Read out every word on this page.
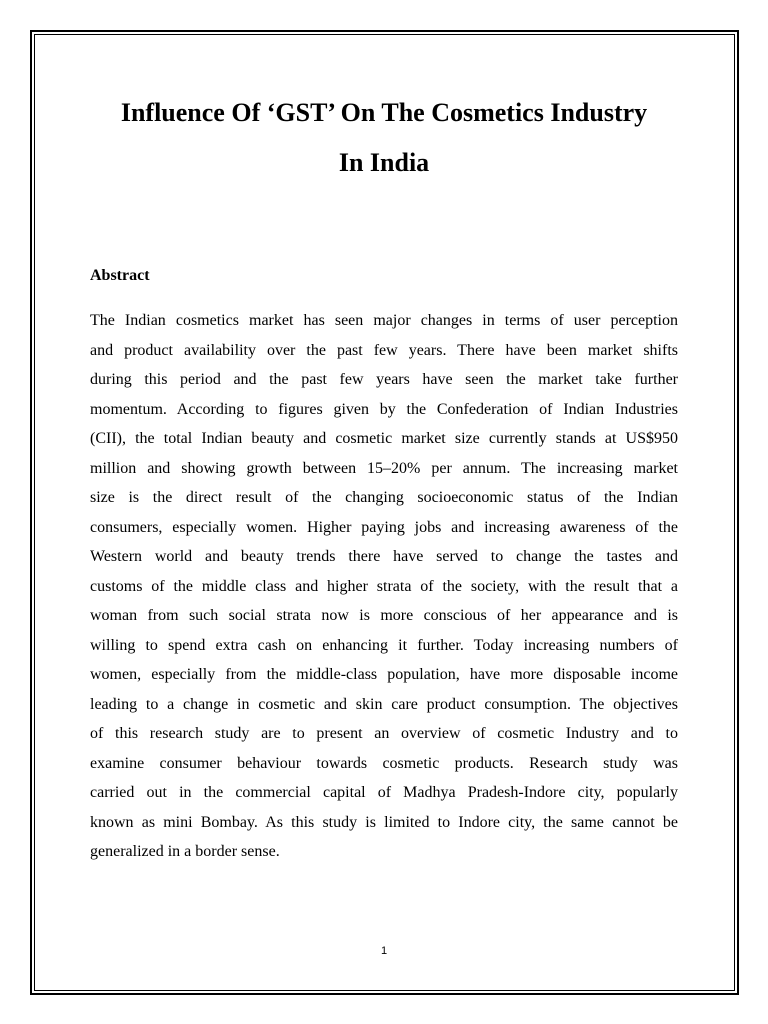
Influence Of ‘GST’ On The Cosmetics Industry
In India
Abstract
The Indian cosmetics market has seen major changes in terms of user perception
and product availability over the past few years. There have been market shifts
during this period and the past few years have seen the market take further
momentum. According to figures given by the Confederation of Indian Industries
(CII), the total Indian beauty and cosmetic market size currently stands at US$950
million and showing growth between 15–20% per annum. The increasing market
size is the direct result of the changing socioeconomic status of the Indian
consumers, especially women. Higher paying jobs and increasing awareness of the
Western world and beauty trends there have served to change the tastes and
customs of the middle class and higher strata of the society, with the result that a
woman from such social strata now is more conscious of her appearance and is
willing to spend extra cash on enhancing it further. Today increasing numbers of
women, especially from the middle-class population, have more disposable income
leading to a change in cosmetic and skin care product consumption. The objectives
of this research study are to present an overview of cosmetic Industry and to
examine consumer behaviour towards cosmetic products. Research study was
carried out in the commercial capital of Madhya Pradesh-Indore city, popularly
known as mini Bombay. As this study is limited to Indore city, the same cannot be
generalized in a border sense.
1
